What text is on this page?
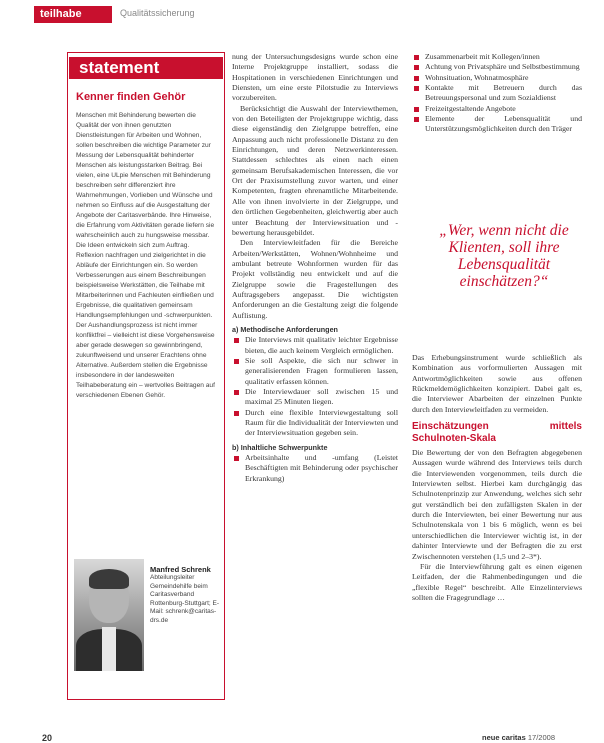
teilhabe	Qualitätssicherung
statement
Kenner finden Gehör
Menschen mit Behinderung bewerten die Qualität der von ihnen genutzten Dienstleistungen für Arbeiten und Wohnen, sollen beschreiben die wichtige Parameter zur Messung der Lebensqualität behinderter Menschen als leistungsstarken Beitrag. Bei vielen, eine ULpie Menschen mit Behinderung beschreiben sehr differenziert ihre Wahrnehmungen, Vorlieben und Wünsche und nehmen so Einfluss auf die Ausgestaltung der Angebote der Caritasverbände. Ihre Hinweise, die Erfahrung vom Aktivitäten gerade liefern sie wahrscheinlich auch zu hungsweise messbar. Die Ideen entwickeln sich zum Auftrag. Reflexion nachfragen und zielgerichtet in die Abläufe der Einrichtungen ein. So werden Verbesserungen aus einem Beschreibungen beispielsweise Werkstätten, die Teilhabe mit Mitarbeiterinnen und Fachleuten einfließen und Ergebnisse, die qualitativen gemeinsam Handlungsempfehlungen und -schwerpunkten. Der Aushandlungsprozess ist nicht immer konfliktfrei – vielleicht ist diese Vorgehensweise aber gerade deswegen so gewinnbringend, zukunftweisend und unserer Erachtens ohne Alternative. Außerdem stellen die Ergebnisse insbesondere in der landesweiten Teilhabeberatung ein – wertvolles Beitragen auf verschiedenen Ebenen Gehör.
Manfred Schrenk
Abteilungsleiter Gemeindehilfe beim Caritasverband Rottenburg-Stuttgart; E-Mail: schrenk@caritas-drs.de

nung der Untersuchungsdesigns wurde schon eine Interne Projektgruppe installiert, sodass die Hospitationen in verschiedenen Einrichtungen und Diensten, um eine erste Pilotstudie zu Interviews vorzubereiten.

Berücksichtigt die Auswahl der Interviewthemen, von den Beteiligten der Projektgruppe wichtig, dass diese eigenständig den Zielgruppe betreffen, eine Anpassung auch nicht professionelle Distanz zu den Einrichtungen, und deren Netzwerkinteressen. Stattdessen schlechtes als einen nach einen gemeinsam Berufsakademischen Interessen, die vor Ort der Praxisumstellung zuvor warten, und einer Kompetenten, fragten ehrenamtliche Mitarbeitende. Alle von ihnen involvierte in der Zielgruppe, und den örtlichen Gegebenheiten, gleichwertig aber auch unter Beachtung der Interviewsituation und -bewertung herausgebildet.

Den Interviewleitfaden für die Bereiche Arbeiten/Werkstätten, Wohnen/Wohnheime und ambulant betreute Wohnformen wurden für das Projekt vollständig neu entwickelt und auf die Zielgruppe sowie die Fragestellungen des Auftragsgebers angepasst. Die wichtigsten Anforderungen an die Gestaltung zeigt die folgende Auflistung.

a) Methodische Anforderungen
Die Interviews mit qualitativ leichter Ergebnisse bieten, die auch keinem Vergleich ermöglichen.
Sie soll Aspekte, die sich nur schwer in generalisierenden Fragen formulieren lassen, qualitativ erfassen können.
Die Interviewdauer soll zwischen 15 und maximal 25 Minuten liegen.
Durch eine flexible Interviewgestaltung soll Raum für die Individualität der Interviewten und der Interviewsituation gegeben sein.
b) Inhaltliche Schwerpunkte
Arbeitsinhalte und -umfang (Leistet Beschäftigten mit Behinderung oder psychischer Erkrankung)
Zusammenarbeit mit Kollegen/innen
Achtung von Privatsphäre und Selbstbestimmung
Wohnsituation, Wohnatmosphäre
Kontakte mit Betreuern durch das Betreuungspersonal und zum Sozialdienst
Freizeitgestaltende Angebote
Elemente der Lebensqualität und Unterstützungsmöglichkeiten durch den Träger
„Wer, wenn nicht die Klienten, soll ihre Lebensqualität einschätzen?“

Das Erhebungsinstrument wurde schließlich als Kombination aus vorformulierten Aussagen mit Antwortmöglichkeiten sowie aus offenen Rückmeldemöglichkeiten konzipiert. Dabei galt es, die Interviewer Abarbeiten der einzelnen Punkte durch den Interviewleitfaden zu vermeiden.

Einschätzungen mittels Schulnoten-Skala

Die Bewertung der von den Befragten abgegebenen Aussagen wurde während des Interviews teils durch die Interviewenden vorgenommen, teils durch die Interviewten selbst. Hierbei kam durchgängig das Schulnotenprinzip zur Anwendung, welches sich sehr gut verständlich bei den zufälligsten Skalen in der durch die Interviewten, bei einer Bewertung nur aus Schulnotenskala von 1 bis 6 möglich, wenn es bei unterschiedlichen die Interviewer wichtig ist, in der dahinter Interviewte und der Befragten die zu erst Zwischennoten verstehen (1,5 und 2–3*).

Für die Interviewführung galt es einen eigenen Leitfaden, der die Rahmenbedingungen und die „flexible Regel“ beschreibt. Alle Einzelinterviews sollten die Fragegrundlage …

20	neue caritas 17/2008
